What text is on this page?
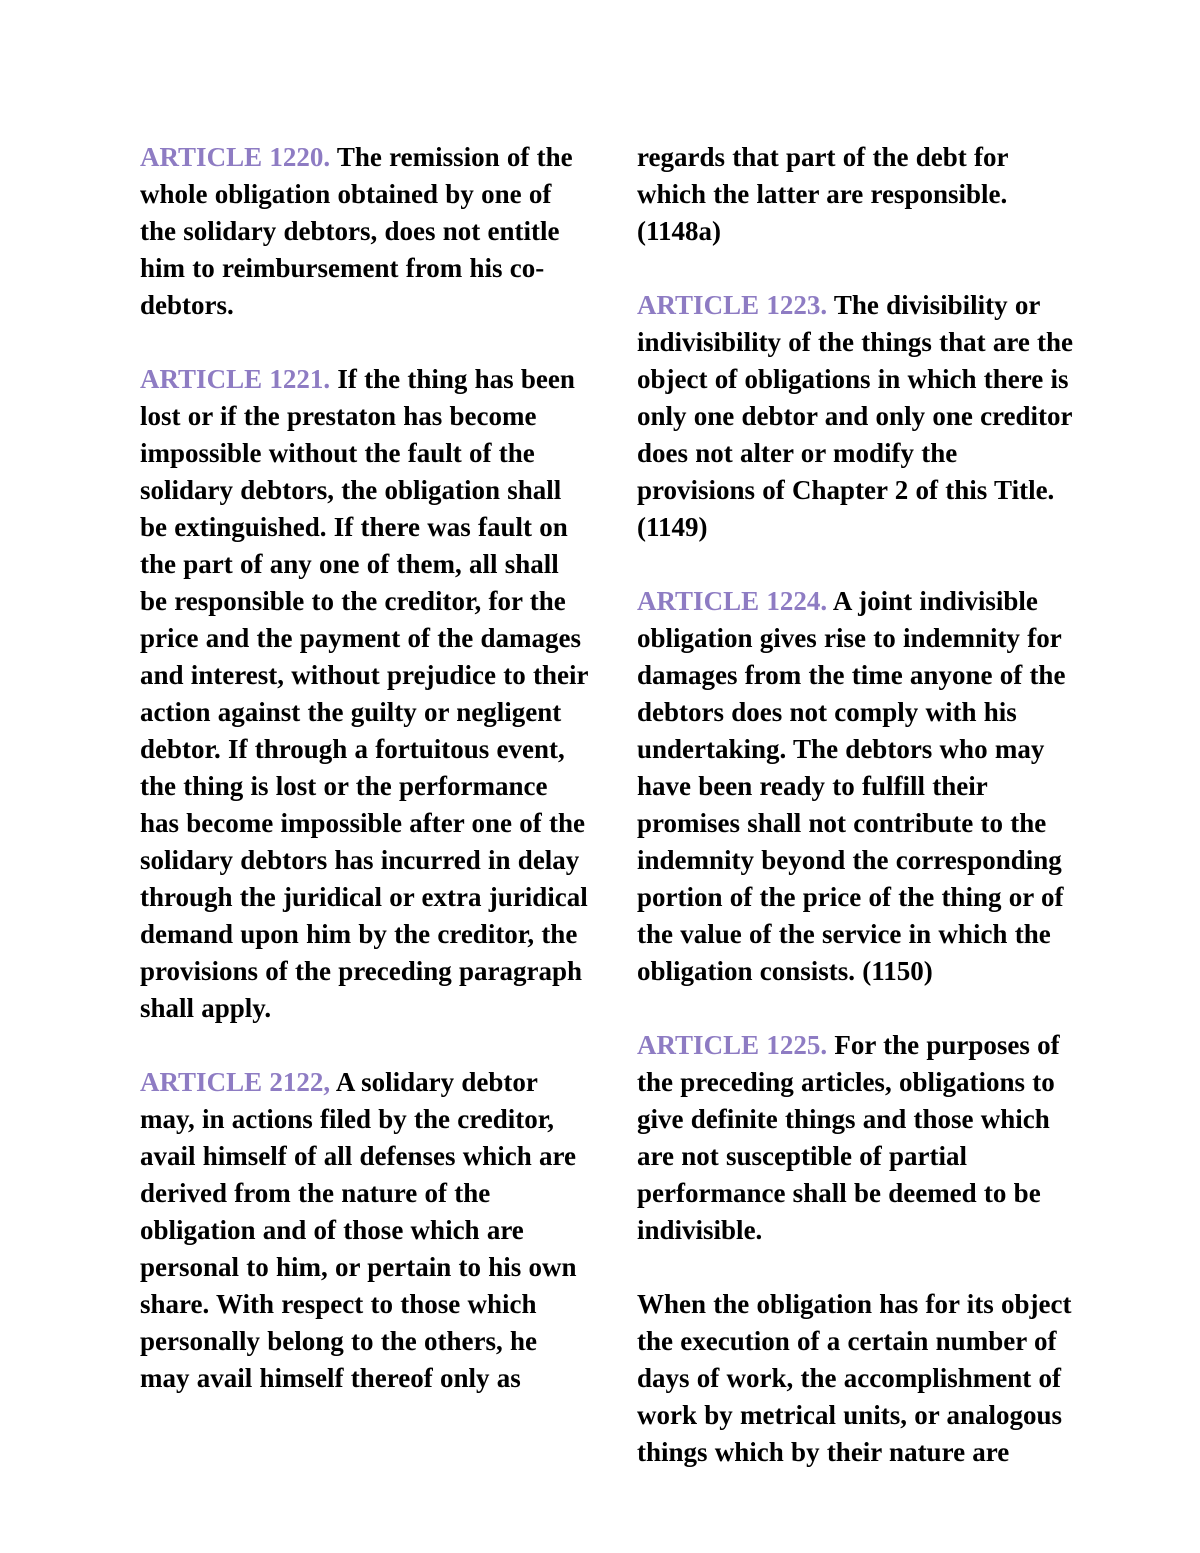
ARTICLE 1220. The remission of the whole obligation obtained by one of the solidary debtors, does not entitle him to reimbursement from his co-debtors.

ARTICLE 1221. If the thing has been lost or if the prestaton has become impossible without the fault of the solidary debtors, the obligation shall be extinguished. If there was fault on the part of any one of them, all shall be responsible to the creditor, for the price and the payment of the damages and interest, without prejudice to their action against the guilty or negligent debtor. If through a fortuitous event, the thing is lost or the performance has become impossible after one of the solidary debtors has incurred in delay through the juridical or extra juridical demand upon him by the creditor, the provisions of the preceding paragraph shall apply.

ARTICLE 2122, A solidary debtor may, in actions filed by the creditor, avail himself of all defenses which are derived from the nature of the obligation and of those which are personal to him, or pertain to his own share. With respect to those which personally belong to the others, he may avail himself thereof only as

regards that part of the debt for which the latter are responsible. (1148a)

ARTICLE 1223. The divisibility or indivisibility of the things that are the object of obligations in which there is only one debtor and only one creditor does not alter or modify the provisions of Chapter 2 of this Title. (1149)

ARTICLE 1224. A joint indivisible obligation gives rise to indemnity for damages from the time anyone of the debtors does not comply with his undertaking. The debtors who may have been ready to fulfill their promises shall not contribute to the indemnity beyond the corresponding portion of the price of the thing or of the value of the service in which the obligation consists. (1150)

ARTICLE 1225. For the purposes of the preceding articles, obligations to give definite things and those which are not susceptible of partial performance shall be deemed to be indivisible.

When the obligation has for its object the execution of a certain number of days of work, the accomplishment of work by metrical units, or analogous things which by their nature are
